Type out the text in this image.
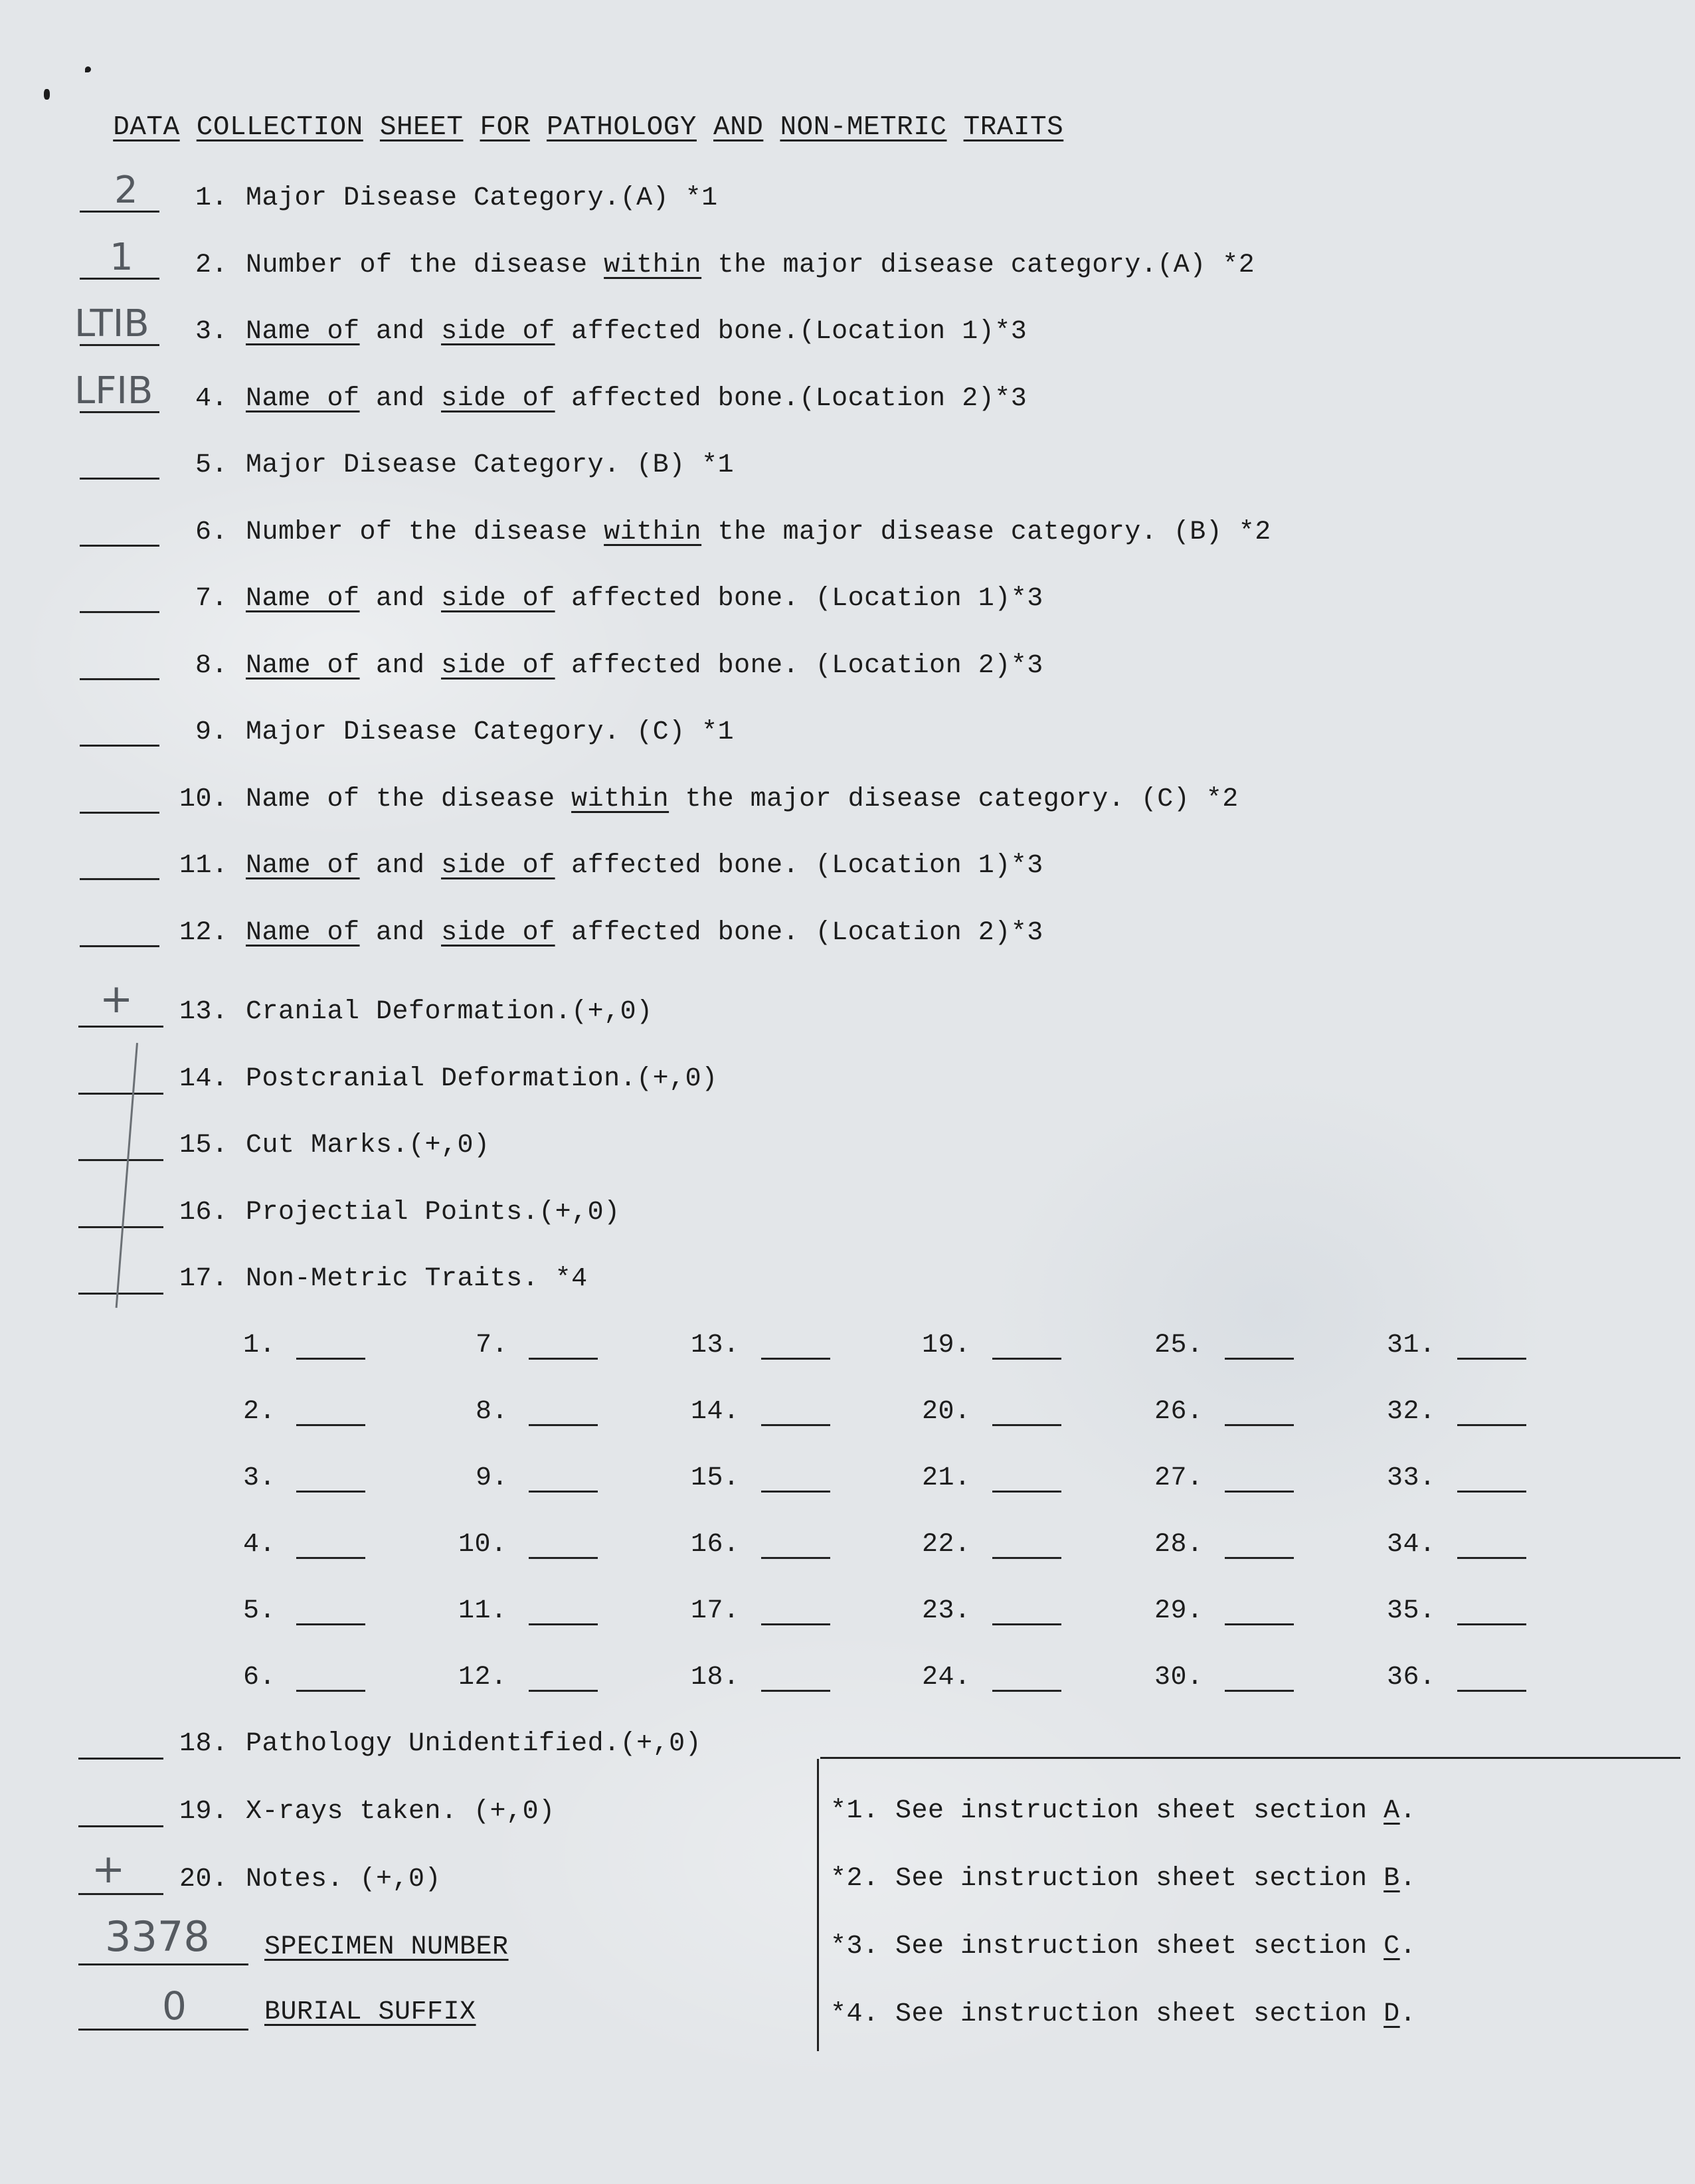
DATA COLLECTION SHEET FOR PATHOLOGY AND NON-METRIC TRAITS

2 1. Major Disease Category.(A) *1
1 2. Number of the disease within the major disease category.(A) *2
LTIB 3. Name of and side of affected bone.(Location 1)*3
LFIB 4. Name of and side of affected bone.(Location 2)*3
5. Major Disease Category. (B) *1
6. Number of the disease within the major disease category. (B) *2
7. Name of and side of affected bone. (Location 1)*3
8. Name of and side of affected bone. (Location 2)*3
9. Major Disease Category. (C) *1
10. Name of the disease within the major disease category. (C) *2
11. Name of and side of affected bone. (Location 1)*3
12. Name of and side of affected bone. (Location 2)*3
+ 13. Cranial Deformation.(+,0)
14. Postcranial Deformation.(+,0)
15. Cut Marks.(+,0)
16. Projectial Points.(+,0)
17. Non-Metric Traits. *4
1.
2.
3.
4.
5.
6.
7.
8.
9.
10.
11.
12.
13.
14.
15.
16.
17.
18.
19.
20.
21.
22.
23.
24.
25.
26.
27.
28.
29.
30.
31.
32.
33.
34.
35.
36.
18. Pathology Unidentified.(+,0)
19. X-rays taken. (+,0)
+ 20. Notes. (+,0)
3378 SPECIMEN NUMBER
0	BURIAL SUFFIX
*1. See instruction sheet section A.
*2. See instruction sheet section B.
*3. See instruction sheet section C.
*4. See instruction sheet section D.
